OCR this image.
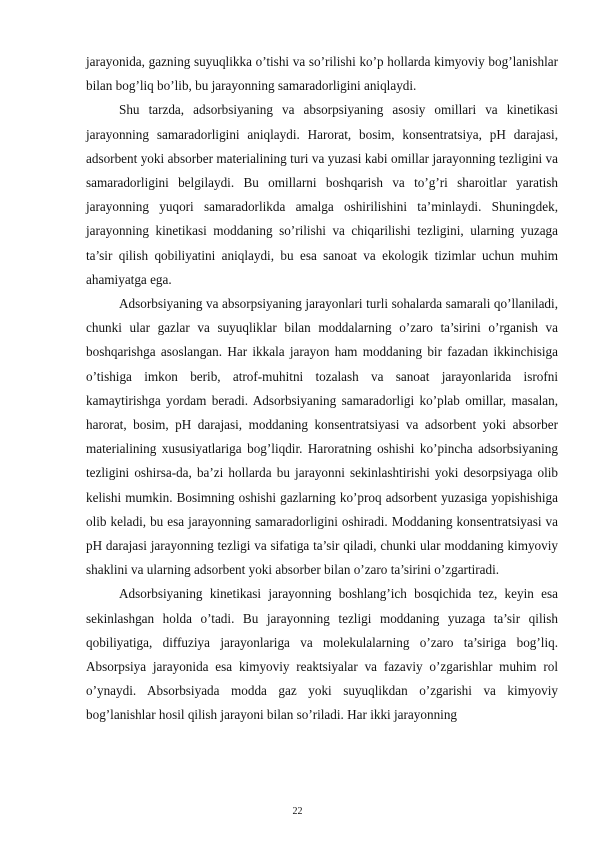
jarayonida, gazning suyuqlikka o’tishi va so’rilishi ko’p hollarda kimyoviy bog’lanishlar bilan bog’liq bo’lib, bu jarayonning samaradorligini aniqlaydi.

Shu tarzda, adsorbsiyaning va absorpsiyaning asosiy omillari va kinetikasi jarayonning samaradorligini aniqlaydi. Harorat, bosim, konsentratsiya, pH darajasi, adsorbent yoki absorber materialining turi va yuzasi kabi omillar jarayonning tezligini va samaradorligini belgilaydi. Bu omillarni boshqarish va to’g’ri sharoitlar yaratish jarayonning yuqori samaradorlikda amalga oshirilishini ta’minlaydi. Shuningdek, jarayonning kinetikasi moddaning so’rilishi va chiqarilishi tezligini, ularning yuzaga ta’sir qilish qobiliyatini aniqlaydi, bu esa sanoat va ekologik tizimlar uchun muhim ahamiyatga ega.

Adsorbsiyaning va absorpsiyaning jarayonlari turli sohalarda samarali qo’llaniladi, chunki ular gazlar va suyuqliklar bilan moddalarning o’zaro ta’sirini o’rganish va boshqarishga asoslangan. Har ikkala jarayon ham moddaning bir fazadan ikkinchisiga o’tishiga imkon berib, atrof-muhitni tozalash va sanoat jarayonlarida isrofni kamaytirishga yordam beradi. Adsorbsiyaning samaradorligi ko’plab omillar, masalan, harorat, bosim, pH darajasi, moddaning konsentratsiyasi va adsorbent yoki absorber materialining xususiyatlariga bog’liqdir. Haroratning oshishi ko’pincha adsorbsiyaning tezligini oshirsa-da, ba’zi hollarda bu jarayonni sekinlashtirishi yoki desorpsiyaga olib kelishi mumkin. Bosimning oshishi gazlarning ko’proq adsorbent yuzasiga yopishishiga olib keladi, bu esa jarayonning samaradorligini oshiradi. Moddaning konsentratsiyasi va pH darajasi jarayonning tezligi va sifatiga ta’sir qiladi, chunki ular moddaning kimyoviy shaklini va ularning adsorbent yoki absorber bilan o’zaro ta’sirini o’zgartiradi.

Adsorbsiyaning kinetikasi jarayonning boshlang’ich bosqichida tez, keyin esa sekinlashgan holda o’tadi. Bu jarayonning tezligi moddaning yuzaga ta’sir qilish qobiliyatiga, diffuziya jarayonlariga va molekulalarning o’zaro ta’siriga bog’liq. Absorpsiya jarayonida esa kimyoviy reaktsiyalar va fazaviy o’zgarishlar muhim rol o’ynaydi. Absorbsiyada modda gaz yoki suyuqlikdan o’zgarishi va kimyoviy bog’lanishlar hosil qilish jarayoni bilan so’riladi. Har ikki jarayonning

22
